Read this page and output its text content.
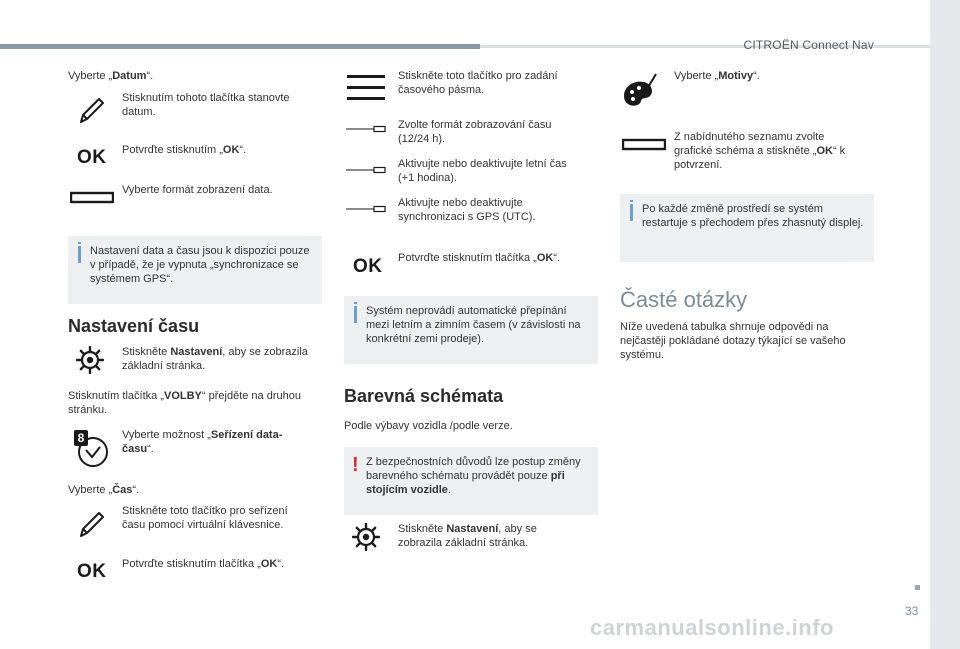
CITROËN Connect Nav
33
carmanualsonline.info
Vyberte „Datum“.
Stisknutím tohoto tlačítka stanovte datum.
OK Potvrďte stisknutím „OK“.
Vyberte formát zobrazení data.
Nastavení data a času jsou k dispozici pouze v případě, že je vypnuta „synchronizace se systémem GPS“.
Nastavení času
Stiskněte Nastavení, aby se zobrazila základní stránka.
Stisknutím tlačítka „VOLBY“ přejděte na druhou stránku.
8	Vyberte možnost „Seřízení data-času“.
Vyberte „Čas“.
Stiskněte toto tlačítko pro seřízení času pomocí virtuální klávesnice.
OK Potvrďte stisknutím tlačítka „OK“.
Stiskněte toto tlačítko pro zadání časového pásma.
Zvolte formát zobrazování času (12/24 h).
Aktivujte nebo deaktivujte letní čas (+1 hodina).
Aktivujte nebo deaktivujte synchronizaci s GPS (UTC).
OK Potvrďte stisknutím tlačítka „OK“.
Systém neprovádí automatické přepínání mezi letním a zimním časem (v závislosti na konkrétní zemi prodeje).
Barevná schémata
Podle výbavy vozidla /podle verze.
! Z bezpečnostních důvodů lze postup změny barevného schématu provádět pouze při stojícím vozidle.
Stiskněte Nastavení, aby se zobrazila základní stránka.
Vyberte „Motivy“.
Z nabídnutého seznamu zvolte grafické schéma a stiskněte „OK“ k potvrzení.
Po každé změně prostředí se systém restartuje s přechodem přes zhasnutý displej.
Časté otázky
Níže uvedená tabulka shrnuje odpovědi na nejčastěji pokládané dotazy týkající se vašeho systému.
